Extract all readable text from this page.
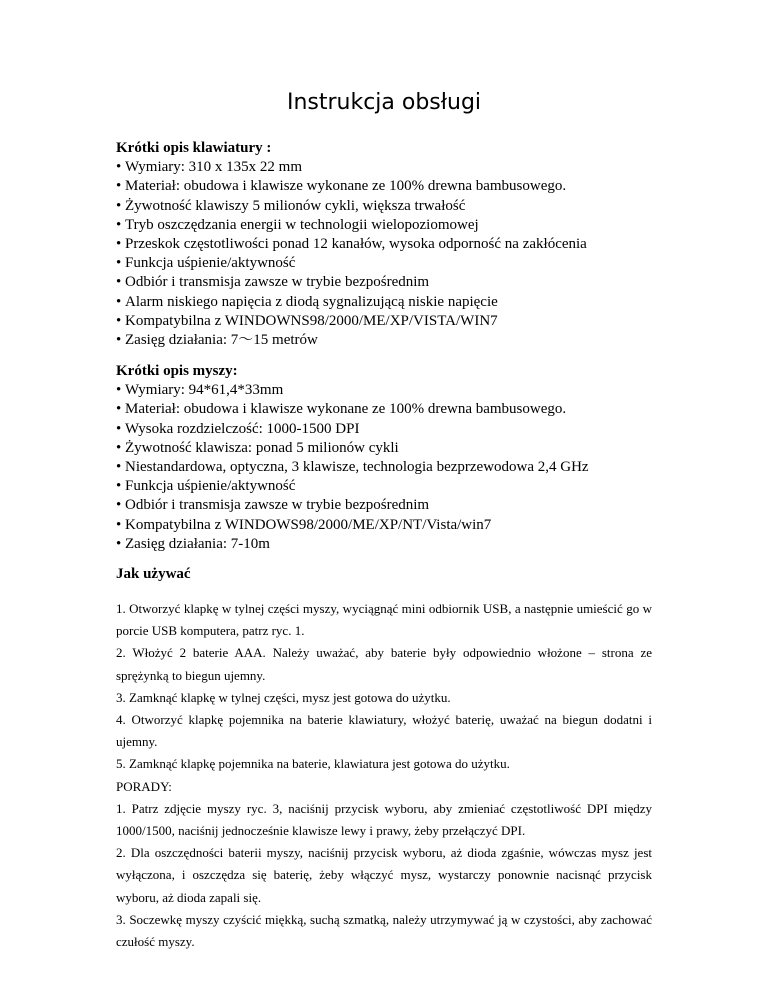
Instrukcja obsługi

Krótki opis klawiatury :

• Wymiary: 310 x 135x 22 mm
• Materiał: obudowa i klawisze wykonane ze 100% drewna bambusowego.
• Żywotność klawiszy 5 milionów cykli, większa trwałość
• Tryb oszczędzania energii w technologii wielopoziomowej
• Przeskok częstotliwości ponad 12 kanałów, wysoka odporność na zakłócenia
• Funkcja uśpienie/aktywność
• Odbiór i transmisja zawsze w trybie bezpośrednim
• Alarm niskiego napięcia z diodą sygnalizującą niskie napięcie
• Kompatybilna z WINDOWNS98/2000/ME/XP/VISTA/WIN7
• Zasięg działania: 7～15 metrów

Krótki opis myszy:

• Wymiary: 94*61,4*33mm
• Materiał: obudowa i klawisze wykonane ze 100% drewna bambusowego.
• Wysoka rozdzielczość: 1000-1500 DPI
• Żywotność klawisza: ponad 5 milionów cykli
• Niestandardowa, optyczna, 3 klawisze, technologia bezprzewodowa 2,4 GHz
• Funkcja uśpienie/aktywność
• Odbiór i transmisja zawsze w trybie bezpośrednim
• Kompatybilna z WINDOWS98/2000/ME/XP/NT/Vista/win7
• Zasięg działania: 7-10m

Jak używać

1. Otworzyć klapkę w tylnej części myszy, wyciągnąć mini odbiornik USB, a następnie umieścić go w porcie USB komputera, patrz ryc. 1.

2. Włożyć 2 baterie AAA. Należy uważać, aby baterie były odpowiednio włożone – strona ze sprężynką to biegun ujemny.

3. Zamknąć klapkę w tylnej części, mysz jest gotowa do użytku.

4. Otworzyć klapkę pojemnika na baterie klawiatury, włożyć baterię, uważać na biegun dodatni i ujemny.

5. Zamknąć klapkę pojemnika na baterie, klawiatura jest gotowa do użytku.

PORADY:

1. Patrz zdjęcie myszy ryc. 3, naciśnij przycisk wyboru, aby zmieniać częstotliwość DPI między 1000/1500, naciśnij jednocześnie klawisze lewy i prawy, żeby przełączyć DPI.

2. Dla oszczędności baterii myszy, naciśnij przycisk wyboru, aż dioda zgaśnie, wówczas mysz jest wyłączona, i oszczędza się baterię, żeby włączyć mysz, wystarczy ponownie nacisnąć przycisk wyboru, aż dioda zapali się.

3. Soczewkę myszy czyścić miękką, suchą szmatką, należy utrzymywać ją w czystości, aby zachować czułość myszy.
